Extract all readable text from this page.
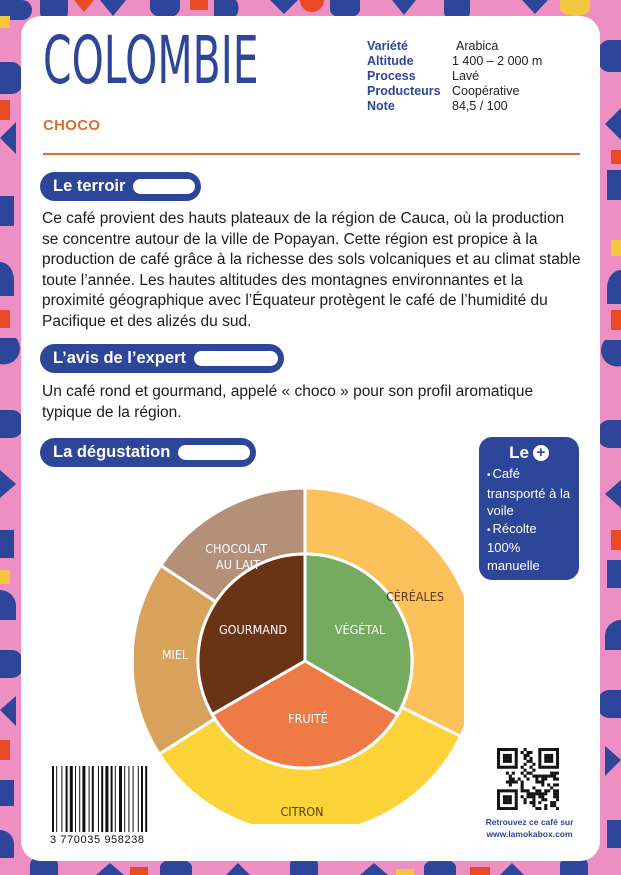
COLOMBIE
CHOCO
Variété	Arabica
Altitude	1 400 – 2 000 m
Process	Lavé
Producteurs Coopérative
Note	84,5 / 100
Le terroir

Ce café provient des hauts plateaux de la région de Cauca, où la production se concentre autour de la ville de Popayan. Cette région est propice à la production de café grâce à la richesse des sols volcaniques et au climat stable toute l’année. Les hautes altitudes des montagnes environnantes et la proximité géographique avec l’Équateur protègent le café de l’humidité du Pacifique et des alizés du sud.

L’avis de l’expert

Un café rond et gourmand, appelé « choco » pour son profil aromatique typique de la région.

La dégustation	Le +
• Café transporté à la voile
• Récolte 100% manuelle
GOURMAND	VÉGÉTAL
FRUITÉ
CÉRÉALES
CITRON
MIEL
CHOCOLAT AU LAIT
3 770035 958238
Retrouvez ce café sur
www.lamokabox.com
